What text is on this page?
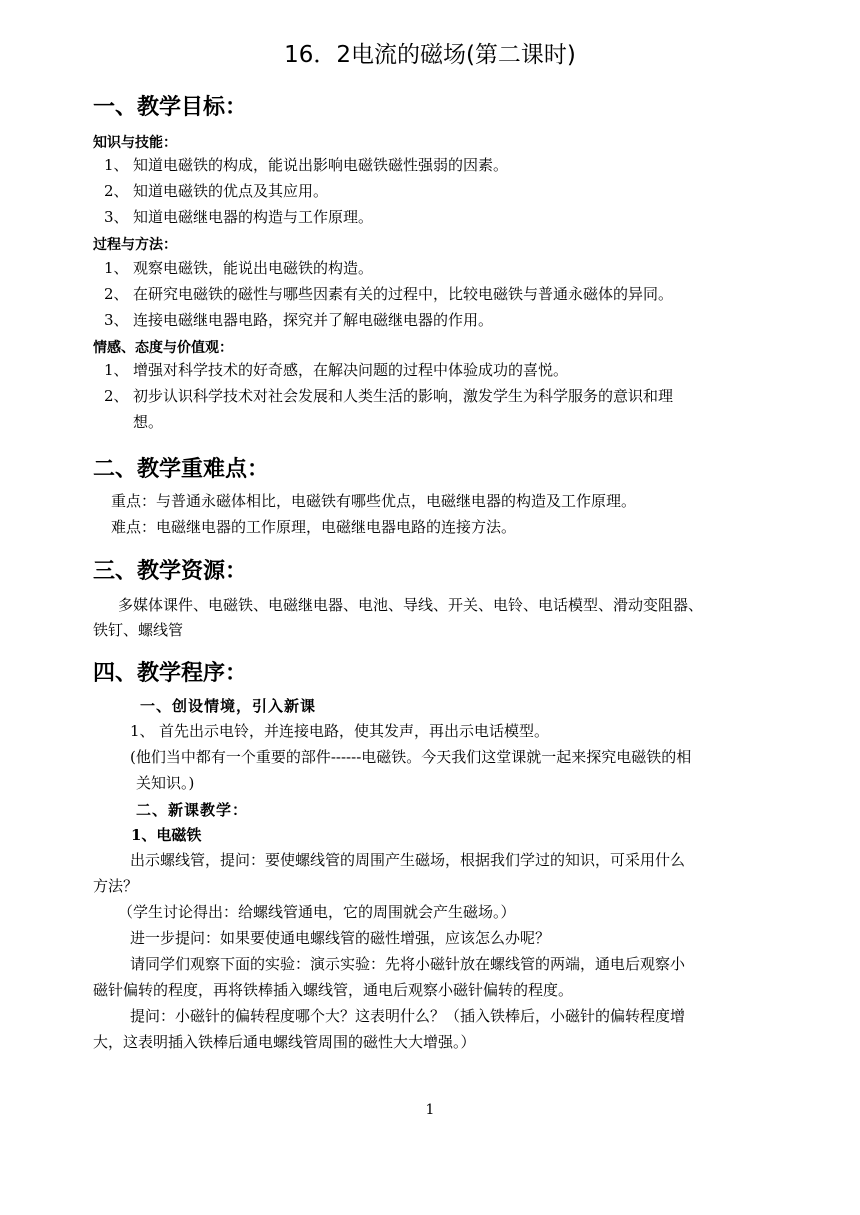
16．2电流的磁场(第二课时)
一、教学目标：
知识与技能：
1、 知道电磁铁的构成，能说出影响电磁铁磁性强弱的因素。
2、 知道电磁铁的优点及其应用。
3、 知道电磁继电器的构造与工作原理。
过程与方法：
1、 观察电磁铁，能说出电磁铁的构造。
2、 在研究电磁铁的磁性与哪些因素有关的过程中，比较电磁铁与普通永磁体的异同。
3、 连接电磁继电器电路，探究并了解电磁继电器的作用。
情感、态度与价值观：
1、 增强对科学技术的好奇感，在解决问题的过程中体验成功的喜悦。
2、 初步认识科学技术对社会发展和人类生活的影响，激发学生为科学服务的意识和理
想。
二、教学重难点：
重点：与普通永磁体相比，电磁铁有哪些优点，电磁继电器的构造及工作原理。
难点：电磁继电器的工作原理，电磁继电器电路的连接方法。
三、教学资源：
多媒体课件、电磁铁、电磁继电器、电池、导线、开关、电铃、电话模型、滑动变阻器、
铁钉、螺线管
四、教学程序：
一、创设情境，引入新课
1、 首先出示电铃，并连接电路，使其发声，再出示电话模型。
(他们当中都有一个重要的部件------电磁铁。今天我们这堂课就一起来探究电磁铁的相
关知识。)
二、新课教学：
1、电磁铁
出示螺线管，提问：要使螺线管的周围产生磁场，根据我们学过的知识，可采用什么
方法？
（学生讨论得出：给螺线管通电，它的周围就会产生磁场。）
进一步提问：如果要使通电螺线管的磁性增强，应该怎么办呢？
请同学们观察下面的实验：演示实验：先将小磁针放在螺线管的两端，通电后观察小
磁针偏转的程度，再将铁棒插入螺线管，通电后观察小磁针偏转的程度。
提问：小磁针的偏转程度哪个大？这表明什么？（插入铁棒后，小磁针的偏转程度增
大，这表明插入铁棒后通电螺线管周围的磁性大大增强。）
1
